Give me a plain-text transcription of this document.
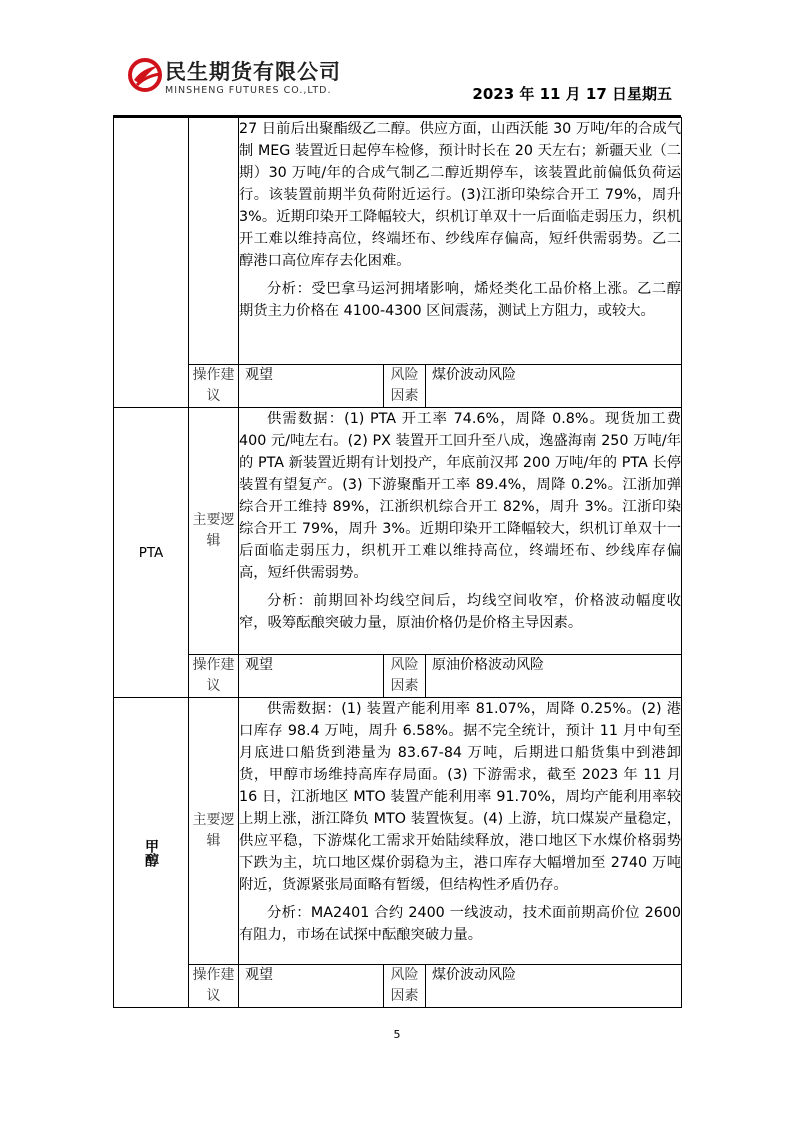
民生期货有限公司
MINSHENG FUTURES CO.,LTD.	2023 年 11 月 17 日星期五

		27 日前后出聚酯级乙二醇。供应方面，山西沃能 30 万吨/年的合成气制 MEG 装置近日起停车检修，预计时长在 20 天左右；新疆天业（二期）30 万吨/年的合成气制乙二醇近期停车，该装置此前偏低负荷运行。该装置前期半负荷附近运行。(3)江浙印染综合开工 79%，周升 3%。近期印染开工降幅较大，织机订单双十一后面临走弱压力，织机开工难以维持高位，终端坯布、纱线库存偏高，短纤供需弱势。乙二醇港口高位库存去化困难。

分析：受巴拿马运河拥堵影响，烯烃类化工品价格上涨。乙二醇期货主力价格在 4100-4300 区间震荡，测试上方阻力，或较大。		

	操作建议	观望	风险因素	煤价波动风险
PTA	主要逻辑	供需数据：(1) PTA 开工率 74.6%，周降 0.8%。现货加工费 400 元/吨左右。(2) PX 装置开工回升至八成，逸盛海南 250 万吨/年的 PTA 新装置近期有计划投产，年底前汉邦 200 万吨/年的 PTA 长停装置有望复产。(3) 下游聚酯开工率 89.4%，周降 0.2%。江浙加弹综合开工维持 89%，江浙织机综合开工 82%，周升 3%。江浙印染综合开工 79%，周升 3%。近期印染开工降幅较大，织机订单双十一后面临走弱压力，织机开工难以维持高位，终端坯布、纱线库存偏高，短纤供需弱势。

分析：前期回补均线空间后，均线空间收窄，价格波动幅度收窄，吸筹酝酿突破力量，原油价格仍是价格主导因素。		

	操作建议	观望	风险因素	原油价格波动风险

甲醇	主要逻辑	供需数据：(1) 装置产能利用率 81.07%，周降 0.25%。(2) 港口库存 98.4 万吨，周升 6.58%。据不完全统计，预计 11 月中旬至月底进口船货到港量为 83.67-84 万吨，后期进口船货集中到港卸货，甲醇市场维持高库存局面。(3) 下游需求，截至 2023 年 11 月 16 日，江浙地区 MTO 装置产能利用率 91.70%，周均产能利用率较上期上涨，浙江降负 MTO 装置恢复。(4) 上游，坑口煤炭产量稳定，供应平稳，下游煤化工需求开始陆续释放，港口地区下水煤价格弱势下跌为主，坑口地区煤价弱稳为主，港口库存大幅增加至 2740 万吨附近，货源紧张局面略有暂缓，但结构性矛盾仍存。

分析：MA2401 合约 2400 一线波动，技术面前期高价位 2600 有阻力，市场在试探中酝酿突破力量。		

	操作建议	观望	风险因素	煤价波动风险
5
